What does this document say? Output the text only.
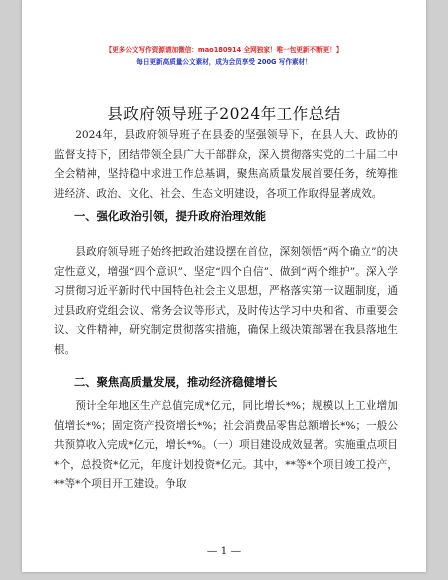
【更多公文写作资源请加微信：mao180914 全网独家！唯一包更新不断更！】
每日更新高质量公文素材，成为会员享受 200G 写作素材！
县政府领导班子2024年工作总结

2024年，县政府领导班子在县委的坚强领导下，在县人大、政协的监督支持下，团结带领全县广大干部群众，深入贯彻落实党的二十届二中全会精神，坚持稳中求进工作总基调，聚焦高质量发展首要任务，统筹推进经济、政治、文化、社会、生态文明建设，各项工作取得显著成效。

一、强化政治引领，提升政府治理效能

县政府领导班子始终把政治建设摆在首位，深刻领悟“两个确立”的决定性意义，增强“四个意识”、坚定“四个自信”、做到“两个维护”。深入学习贯彻习近平新时代中国特色社会主义思想，严格落实第一议题制度，通过县政府党组会议、常务会议等形式，及时传达学习中央和省、市重要会议、文件精神，研究制定贯彻落实措施，确保上级决策部署在我县落地生根。

二、聚焦高质量发展，推动经济稳健增长

预计全年地区生产总值完成*亿元，同比增长*%；规模以上工业增加值增长*%；固定资产投资增长*%；社会消费品零售总额增长*%；一般公共预算收入完成*亿元，增长*%。（一）项目建设成效显著。实施重点项目*个，总投资*亿元，年度计划投资*亿元。其中，**等*个项目竣工投产，**等*个项目开工建设。争取

— 1 —
